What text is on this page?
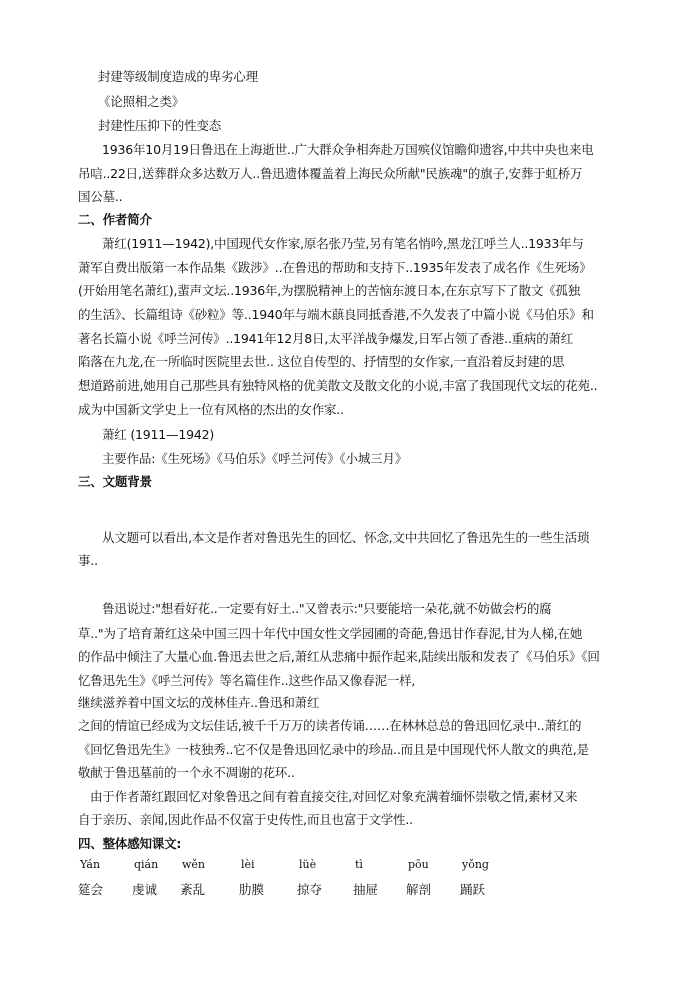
封建等级制度造成的卑劣心理
《论照相之类》
封建性压抑下的性变态
1936年10月19日鲁迅在上海逝世..广大群众争相奔赴万国殡仪馆瞻仰遗容,中共中央也来电
吊唁..22日,送葬群众多达数万人..鲁迅遗体覆盖着上海民众所献"民族魂"的旗子,安葬于虹桥万
国公墓..
二、作者简介
萧红(1911—1942),中国现代女作家,原名张乃莹,另有笔名悄吟,黑龙江呼兰人..1933年与
萧军自费出版第一本作品集《跋涉》..在鲁迅的帮助和支持下..1935年发表了成名作《生死场》
(开始用笔名萧红),蜚声文坛..1936年,为摆脱精神上的苦恼东渡日本,在东京写下了散文《孤独
的生活》、长篇组诗《砂粒》等..1940年与端木蕻良同抵香港,不久发表了中篇小说《马伯乐》和
著名长篇小说《呼兰河传》..1941年12月8日,太平洋战争爆发,日军占领了香港..重病的萧红
陷落在九龙,在一所临时医院里去世.. 这位自传型的、抒情型的女作家,一直沿着反封建的思
想道路前进,她用自己那些具有独特风格的优美散文及散文化的小说,丰富了我国现代文坛的花苑..
成为中国新文学史上一位有风格的杰出的女作家..
萧红 (1911—1942)
主要作品:《生死场》《马伯乐》《呼兰河传》《小城三月》
三、文题背景
从文题可以看出,本文是作者对鲁迅先生的回忆、怀念,文中共回忆了鲁迅先生的一些生活琐
事..
鲁迅说过:"想看好花..一定要有好土.."又曾表示:"只要能培一朵花,就不妨做会朽的腐
草.."为了培育萧红这朵中国三四十年代中国女性文学园圃的奇葩,鲁迅甘作春泥,甘为人梯,在她
的作品中倾注了大量心血.鲁迅去世之后,萧红从悲痛中振作起来,陆续出版和发表了《马伯乐》《回
忆鲁迅先生》《呼兰河传》等名篇佳作..这些作品又像春泥一样,
继续滋养着中国文坛的茂林佳卉..鲁迅和萧红
之间的情谊已经成为文坛佳话,被千千万万的读者传诵……在林林总总的鲁迅回忆录中..萧红的
《回忆鲁迅先生》一枝独秀..它不仅是鲁迅回忆录中的珍品..而且是中国现代怀人散文的典范,是
敬献于鲁迅墓前的一个永不凋谢的花环..
由于作者萧红跟回忆对象鲁迅之间有着直接交往,对回忆对象充满着缅怀崇敬之情,素材又来
自于亲历、亲闻,因此作品不仅富于史传性,而且也富于文学性..
四、整体感知课文:
Yán	qián wěn	lèi	lüè	tì	pōu	yǒng
筵会 虔诚 紊乱	肋膜	掠夺 抽屉 解剖 踊跃
